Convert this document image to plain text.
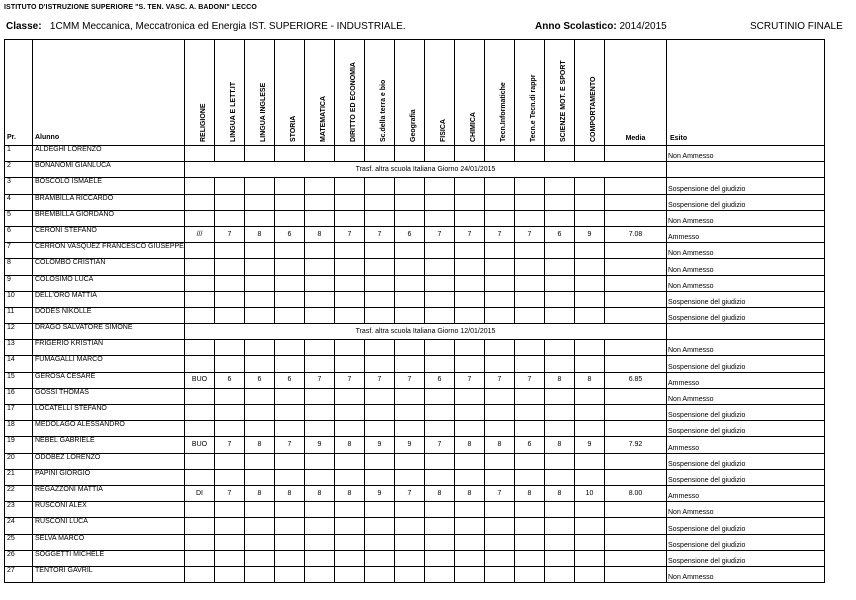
ISTITUTO D'ISTRUZIONE SUPERIORE "S. TEN. VASC. A. BADONI" LECCO
Classe: 1CMM Meccanica, Meccatronica ed Energia IST. SUPERIORE - INDUSTRIALE.	Anno Scolastico: 2014/2015	SCRUTINIO FINALE
Pr.	Alunno	RELIGIONE	LINGUA E LETT.IT	LINGUA INGLESE	STORIA	MATEMATICA	DIRITTO ED ECONOMIA	Sc.della terra e bio	Geografia	FISICA	CHIMICA	Tecn.Informatiche	Tecn.e Tecn.di rappr	SCIENZE MOT. E SPORT	COMPORTAMENTO	Media	Esito
1	ALDEGHI LORENZO																Non Ammesso
2	BONANOMI GIANLUCA	Trasf. altra scuola Italiana Giorno 24/01/2015															
3	BOSCOLO ISMAELE																Sospensione del giudizio
4	BRAMBILLA RICCARDO																Sospensione del giudizio
5	BREMBILLA GIORDANO																Non Ammesso
6	CERONI STEFANO	///	7	8	6	8	7	7	6	7	7	7	7	6	9	7.08	Ammesso
7	CERRON VASQUEZ FRANCESCO GIUSEPPE																Non Ammesso
8	COLOMBO CRISTIAN																Non Ammesso
9	COLOSIMO LUCA																Non Ammesso
10	DELL'ORO MATTIA																Sospensione del giudizio
11	DODES NIKOLLE																Sospensione del giudizio
12	DRAGO SALVATORE SIMONE	Trasf. altra scuola Italiana Giorno 12/01/2015															
13	FRIGERIO KRISTIAN																Non Ammesso
14	FUMAGALLI MARCO																Sospensione del giudizio
15	GEROSA CESARE	BUO	6	6	6	7	7	7	7	6	7	7	7	8	8	6.85	Ammesso
16	GOSSI THOMAS																Non Ammesso
17	LOCATELLI STEFANO																Sospensione del giudizio
18	MEDOLAGO ALESSANDRO																Sospensione del giudizio
19	NEBEL GABRIELE	BUO	7	8	7	9	8	9	9	7	8	8	6	8	9	7.92	Ammesso
20	ODOBEZ LORENZO																Sospensione del giudizio
21	PAPINI GIORGIO																Sospensione del giudizio
22	REGAZZONI MATTIA	DI	7	8	8	8	8	9	7	8	8	7	8	8	10	8.00	Ammesso
23	RUSCONI ALEX																Non Ammesso
24	RUSCONI LUCA																Sospensione del giudizio
25	SELVA MARCO																Sospensione del giudizio
26	SOGGETTI MICHELE																Sospensione del giudizio
27	TENTORI GAVRIL																Non Ammesso
